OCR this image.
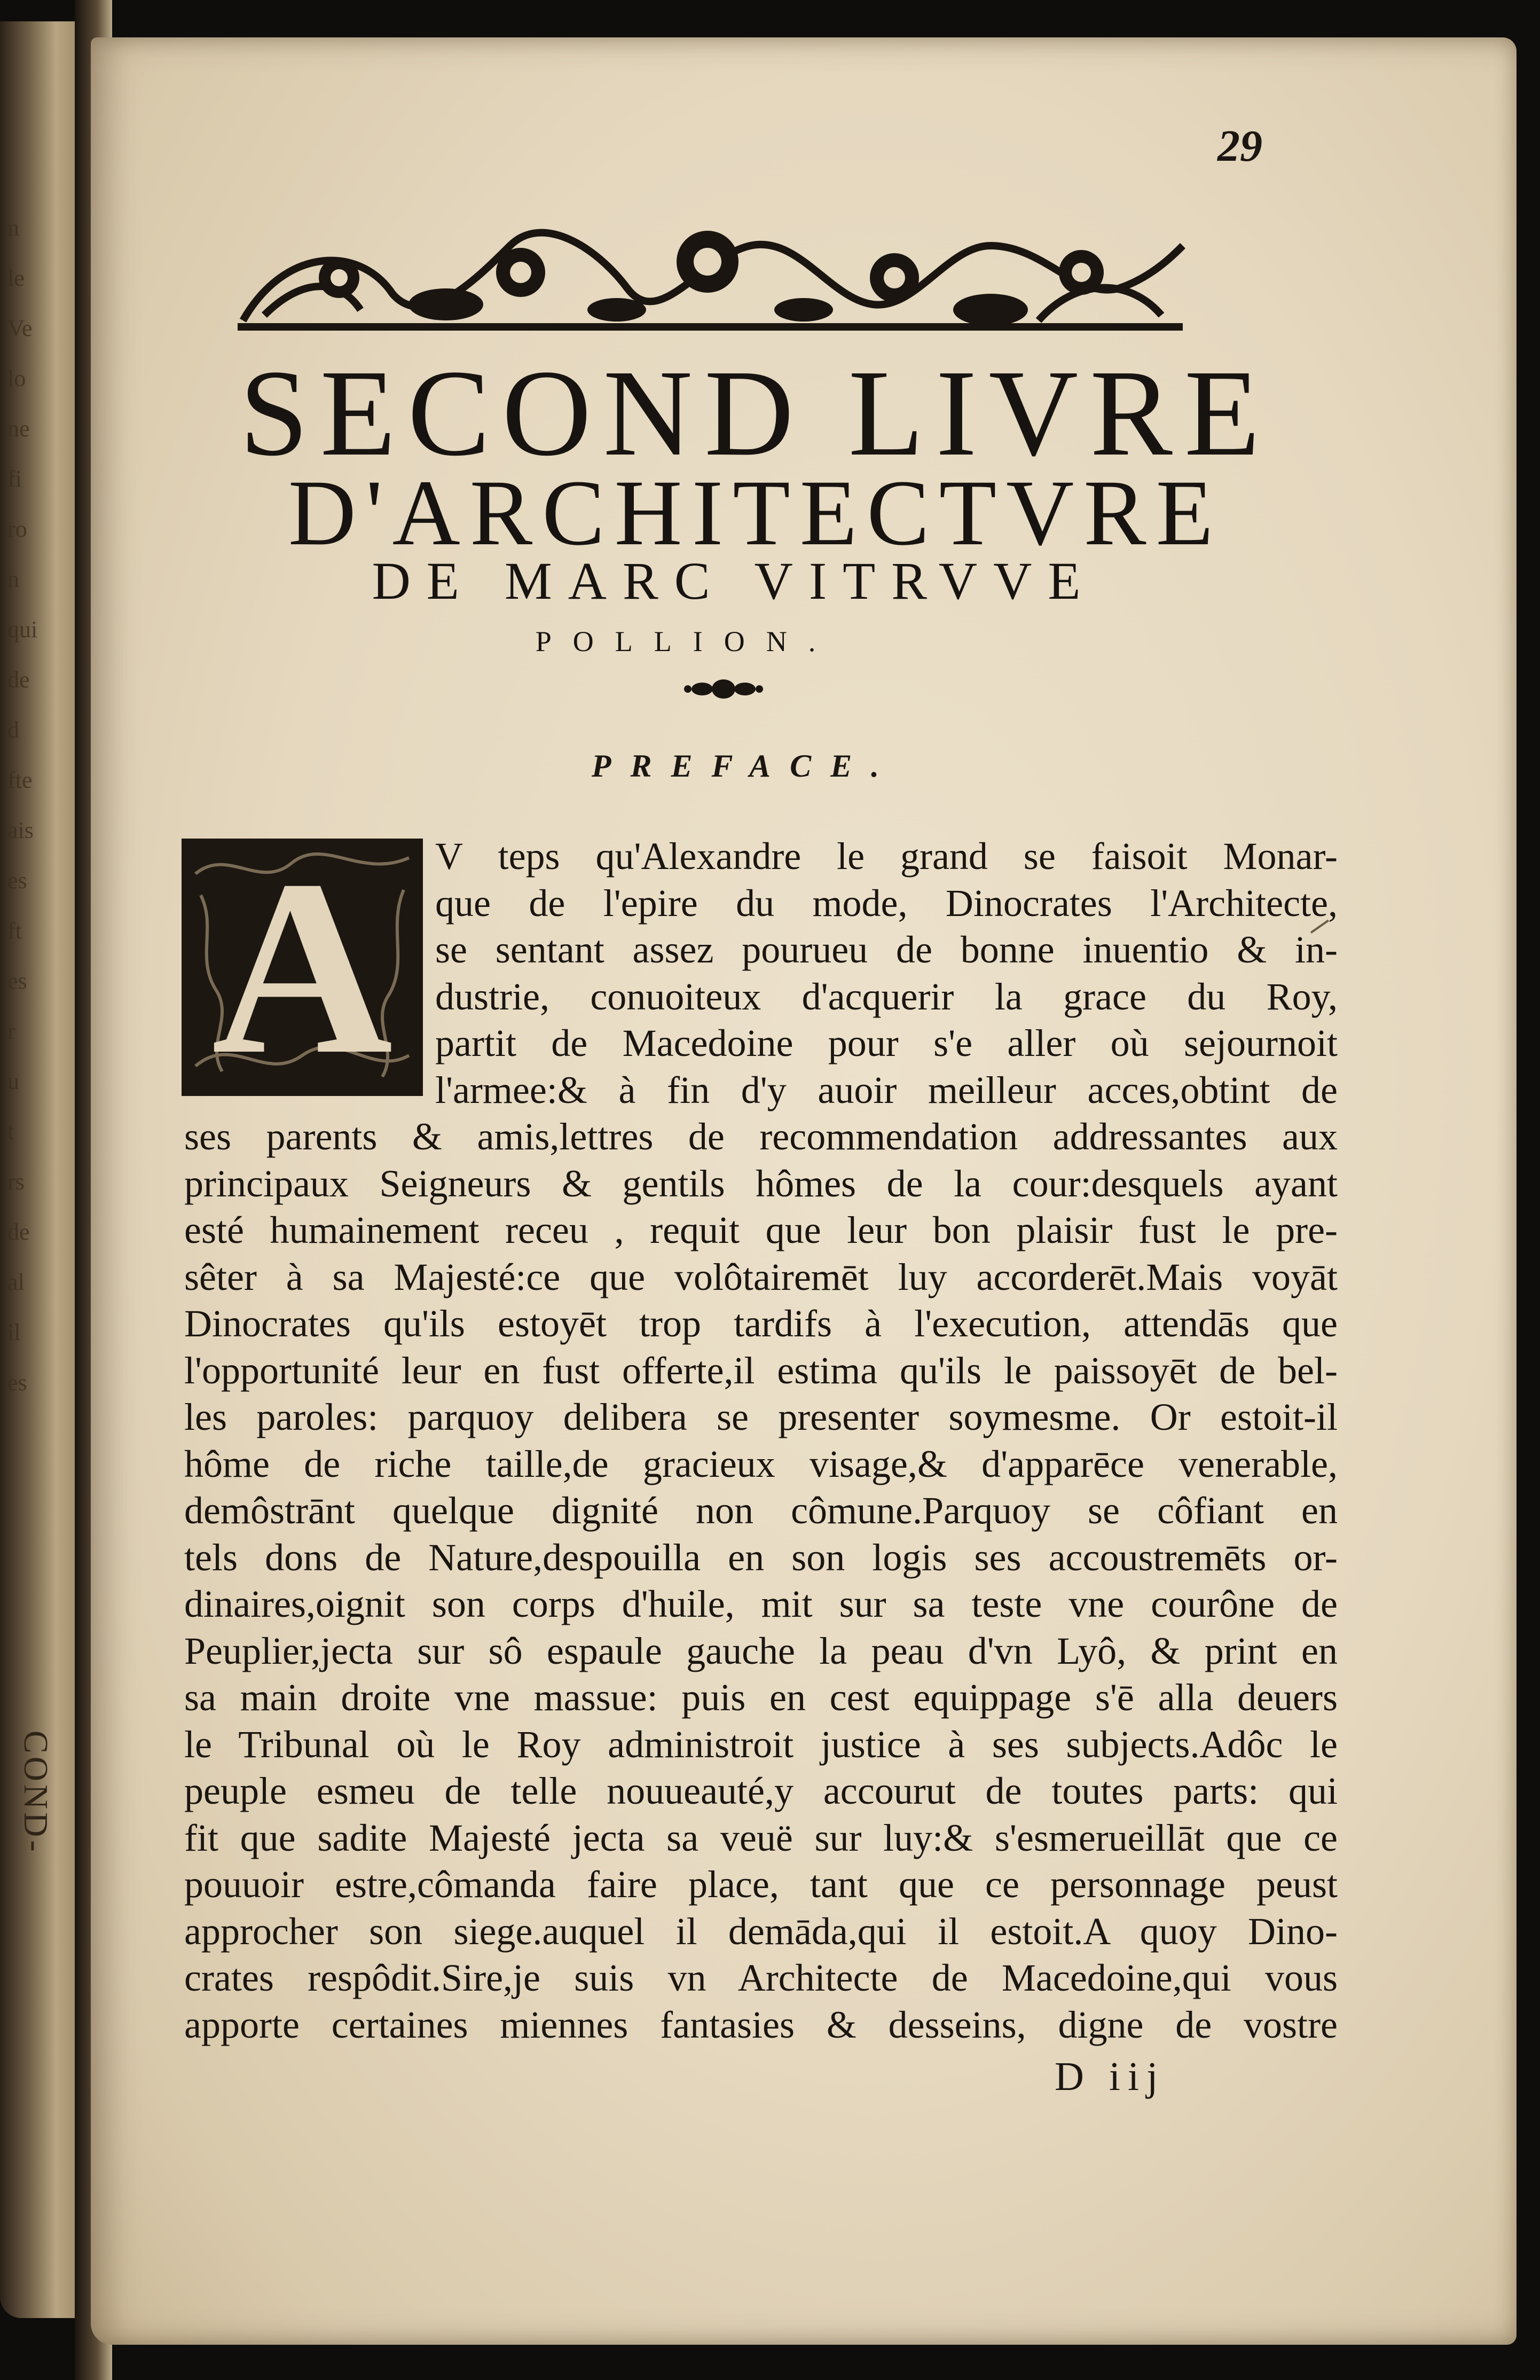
n
le
Ve
lo
ne
fi
ro
n
qui
de
d
fte
ais
es
ft
es
r
u
t
rs
de
al
il
es
COND-
29
SECOND LIVRE
D'ARCHITECTVRE
DE MARC VITRVVE
POLLION.
PREFACE.
A	V teps qu'Alexandre le grand se faisoit Monar-
que de l'epire du mode, Dinocrates l'Architecte,
se sentant assez pourueu de bonne inuentio & in-
dustrie, conuoiteux d'acquerir la grace du Roy,
partit de Macedoine pour s'e aller où sejournoit
l'armee:& à fin d'y auoir meilleur acces,obtint de
ses parents & amis,lettres de recommendation addressantes aux
principaux Seigneurs & gentils hômes de la cour:desquels ayant
esté humainement receu , requit que leur bon plaisir fust le pre-
sêter à sa Majesté:ce que volôtairemēt luy accorderēt.Mais voyāt
Dinocrates qu'ils estoyēt trop tardifs à l'execution, attendās que
l'opportunité leur en fust offerte,il estima qu'ils le paissoyēt de bel-
les paroles: parquoy delibera se presenter soymesme. Or estoit-il
hôme de riche taille,de gracieux visage,& d'apparēce venerable,
demôstrānt quelque dignité non cômune.Parquoy se côfiant en
tels dons de Nature,despouilla en son logis ses accoustremēts or-
dinaires,oignit son corps d'huile, mit sur sa teste vne courône de
Peuplier,jecta sur sô espaule gauche la peau d'vn Lyô, & print en
sa main droite vne massue: puis en cest equippage s'ē alla deuers
le Tribunal où le Roy administroit justice à ses subjects.Adôc le
peuple esmeu de telle nouueauté,y accourut de toutes parts: qui
fit que sadite Majesté jecta sa veuë sur luy:& s'esmerueillāt que ce
pouuoir estre,cômanda faire place, tant que ce personnage peust
approcher son siege.auquel il demāda,qui il estoit.A quoy Dino-
crates respôdit.Sire,je suis vn Architecte de Macedoine,qui vous
apporte certaines miennes fantasies & desseins, digne de vostre
D iij
